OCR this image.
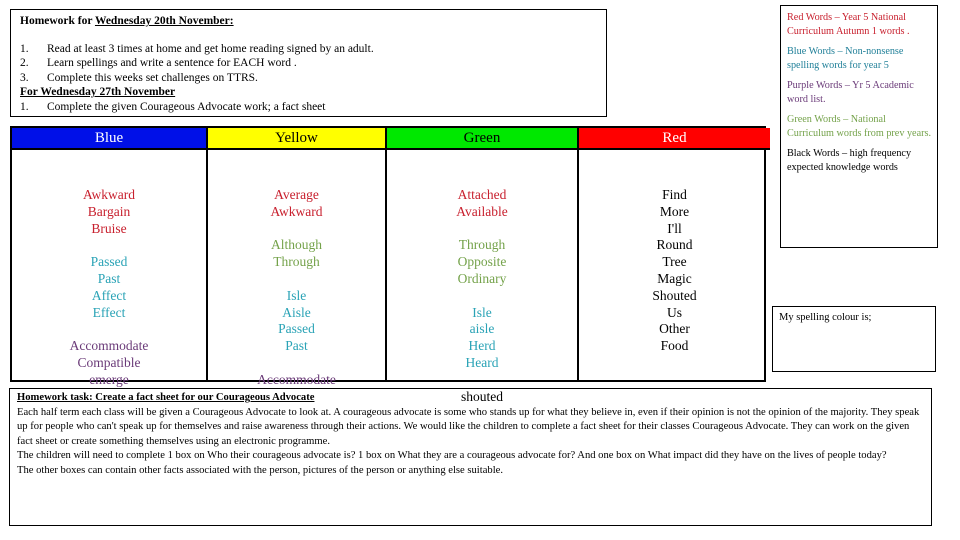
Homework for Wednesday 20th November:
1.	Read at least 3 times at home and get home reading signed by an adult.
2.	Learn spellings and write a sentence for EACH word .
3.	Complete this weeks set challenges on TTRS.
For Wednesday 27th November
1.	Complete the given Courageous Advocate work; a fact sheet

Red Words – Year 5 National Curriculum Autumn 1 words .

Blue Words – Non-nonsense spelling words for year 5

Purple Words – Yr 5 Academic word list.

Green Words – National Curriculum words from prev years.

Black Words – high frequency expected knowledge words

Blue
Awkward
Bargain
Bruise
Passed
Past
Affect
Effect
Accommodate
Compatible
emerge
Yellow
Average
Awkward
Although
Through
Isle
Aisle
Passed
Past
Accommodate
Green
Attached
Available
Through
Opposite
Ordinary
Isle
aisle
Herd
Heard
shouted
Red
Find
More
I'll
Round
Tree
Magic
Shouted
Us
Other
Food
My spelling colour is;
Homework task: Create a fact sheet for our Courageous Advocate

Each half term each class will be given a Courageous Advocate to look at. A courageous advocate is some who stands up for what they believe in, even if their opinion is not the opinion of the majority. They speak up for people who can't speak up for themselves and raise awareness through their actions. We would like the children to complete a fact sheet for their classes Courageous Advocate. They can work on the given fact sheet or create something themselves using an electronic programme.

The children will need to complete 1 box on Who their courageous advocate is? 1 box on What they are a courageous advocate for? And one box on What impact did they have on the lives of people today?

The other boxes can contain other facts associated with the person, pictures of the person or anything else suitable.
